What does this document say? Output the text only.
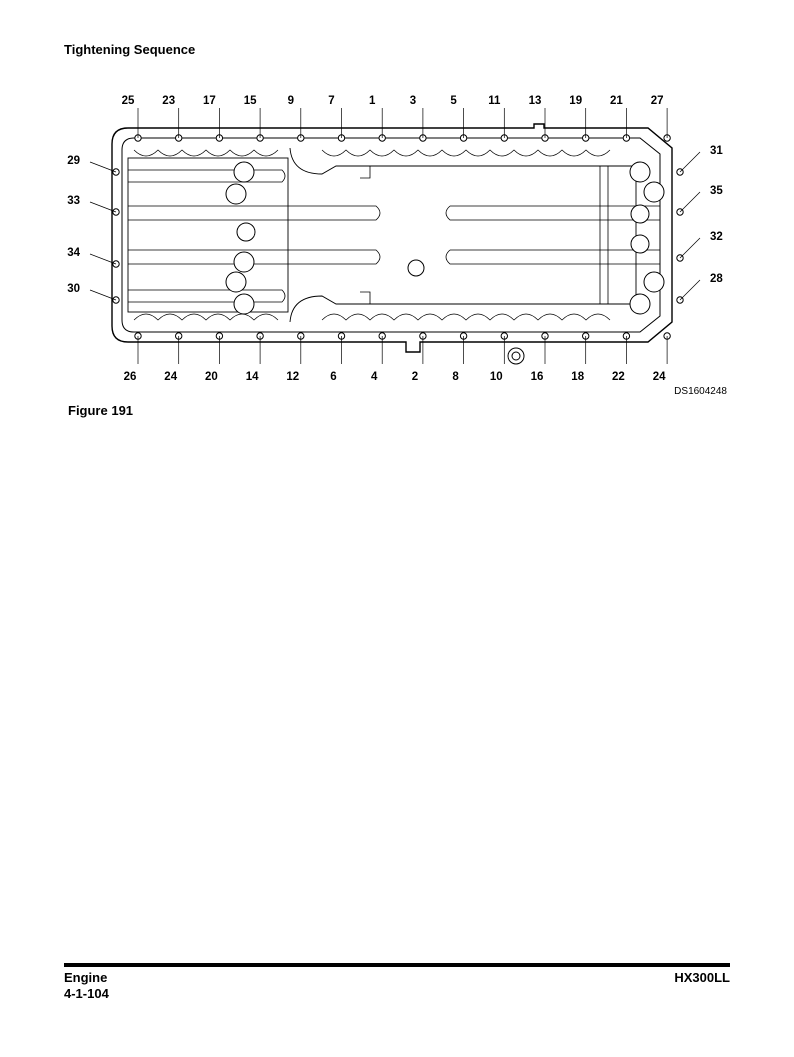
Tightening Sequence
25 23 17 15	9	7	1	3	5	11 13 19 21 27
26 24 20 14 12	6	4	2	8	10 16 18 22 24
29
33
34
30
31
35
32
28
DS1604248
Figure 191
Engine
4-1-104
HX300LL
